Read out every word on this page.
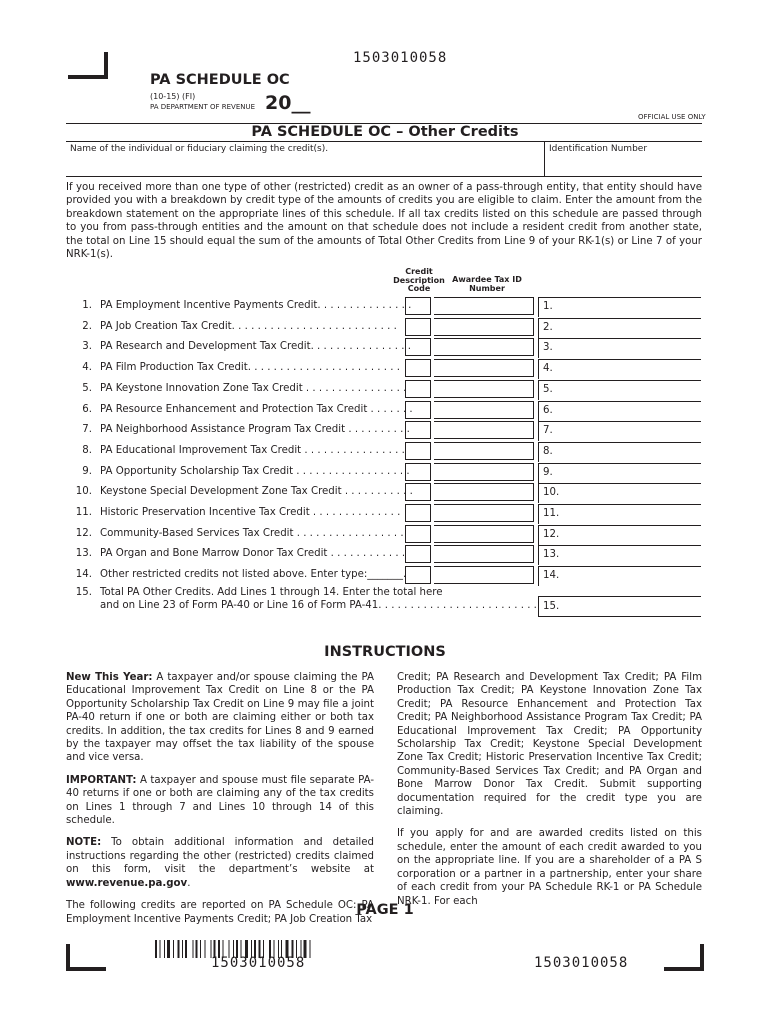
1503010058
PA SCHEDULE OC
(10-15) (FI)
PA DEPARTMENT OF REVENUE 20__
OFFICIAL USE ONLY
PA SCHEDULE OC – Other Credits
Name of the individual or fiduciary claiming the credit(s).	Identification Number
If you received more than one type of other (restricted) credit as an owner of a pass-through entity, that entity should have provided you with a breakdown by credit type of the amounts of credits you are eligible to claim. Enter the amount from the breakdown statement on the appropriate lines of this schedule. If all tax credits listed on this schedule are passed through to you from pass-through entities and the amount on that schedule does not include a resident credit from another state, the total on Line 15 should equal the sum of the amounts of Total Other Credits from Line 9 of your RK-1(s) or Line 7 of your NRK-1(s).
Credit Description Code
Awardee Tax ID Number
1. PA Employment Incentive Payments Credit. . . . . . . . . . . . . . .	1.
2. PA Job Creation Tax Credit. . . . . . . . . . . . . . . . . . . . . . . . . .	2.
3. PA Research and Development Tax Credit. . . . . . . . . . . . . . . .	3.
4. PA Film Production Tax Credit. . . . . . . . . . . . . . . . . . . . . . . .	4.
5. PA Keystone Innovation Zone Tax Credit . . . . . . . . . . . . . . . .	5.
6. PA Resource Enhancement and Protection Tax Credit . . . . . . .	6.
7. PA Neighborhood Assistance Program Tax Credit . . . . . . . . . .	7.
8. PA Educational Improvement Tax Credit . . . . . . . . . . . . . . . .	8.
9. PA Opportunity Scholarship Tax Credit . . . . . . . . . . . . . . . . . .	9.
10. Keystone Special Development Zone Tax Credit . . . . . . . . . . .	10.
11. Historic Preservation Incentive Tax Credit . . . . . . . . . . . . . .	11.
12. Community-Based Services Tax Credit . . . . . . . . . . . . . . . . .	12.
13. PA Organ and Bone Marrow Donor Tax Credit . . . . . . . . . . . .	13.
14. Other restricted credits not listed above. Enter type:_______.	14.
15. Total PA Other Credits. Add Lines 1 through 14. Enter the total here
and on Line 23 of Form PA-40 or Line 16 of Form PA-41. . . . . . . . . . . . . . . . . . . . . . . . . 15.
INSTRUCTIONS

New This Year: A taxpayer and/or spouse claiming the PA Educational Improvement Tax Credit on Line 8 or the PA Opportunity Scholarship Tax Credit on Line 9 may file a joint PA-40 return if one or both are claiming either or both tax credits. In addition, the tax credits for Lines 8 and 9 earned by the taxpayer may offset the tax liability of the spouse and vice versa.

IMPORTANT: A taxpayer and spouse must file separate PA-40 returns if one or both are claiming any of the tax credits on Lines 1 through 7 and Lines 10 through 14 of this schedule.

NOTE: To obtain additional information and detailed instructions regarding the other (restricted) credits claimed on this form, visit the department’s website at www.revenue.pa.gov.

The following credits are reported on PA Schedule OC: PA Employment Incentive Payments Credit; PA Job Creation Tax

Credit; PA Research and Development Tax Credit; PA Film Production Tax Credit; PA Keystone Innovation Zone Tax Credit; PA Resource Enhancement and Protection Tax Credit; PA Neighborhood Assistance Program Tax Credit; PA Educational Improvement Tax Credit; PA Opportunity Scholarship Tax Credit; Keystone Special Development Zone Tax Credit; Historic Preservation Incentive Tax Credit; Community-Based Services Tax Credit; and PA Organ and Bone Marrow Donor Tax Credit. Submit supporting documentation required for the credit type you are claiming.

If you apply for and are awarded credits listed on this schedule, enter the amount of each credit awarded to you on the appropriate line. If you are a shareholder of a PA S corporation or a partner in a partnership, enter your share of each credit from your PA Schedule RK-1 or PA Schedule NRK-1. For each

PAGE 1
1503010058	1503010058
